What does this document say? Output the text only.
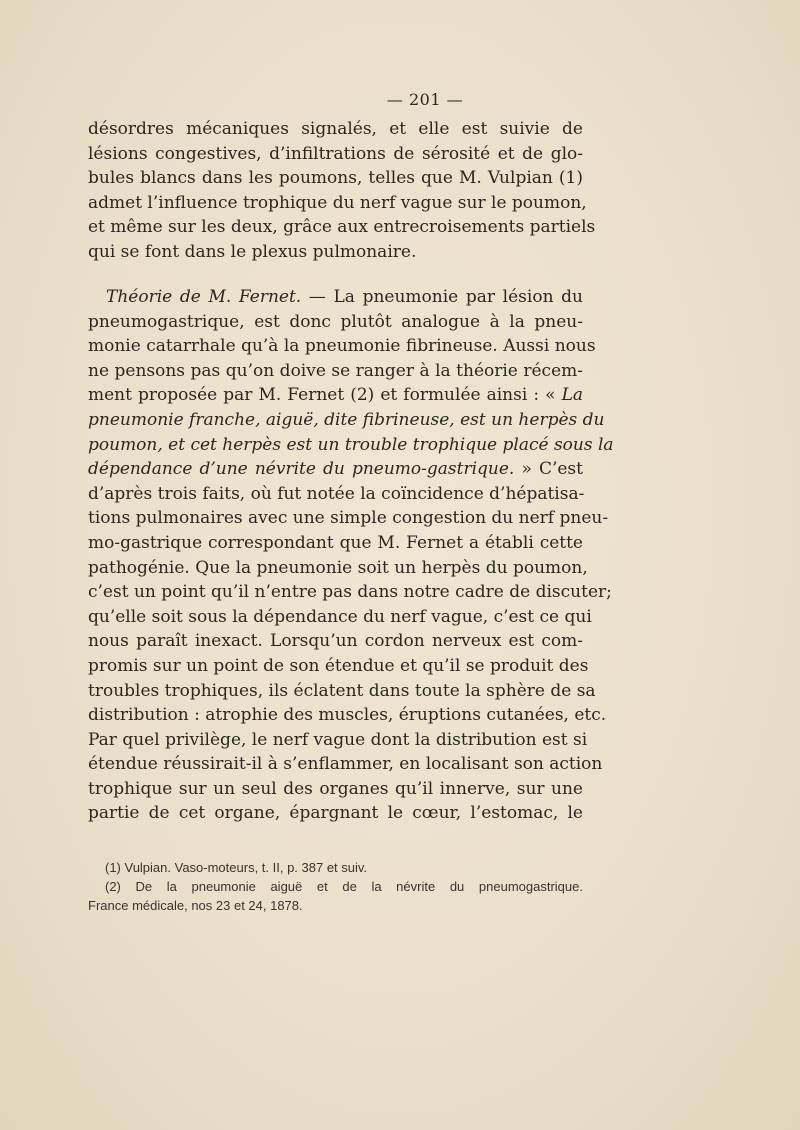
— 201 —
désordres mécaniques signalés, et elle est suivie de
lésions congestives, d’infiltrations de sérosité et de glo-
bules blancs dans les poumons, telles que M. Vulpian (1)
admet l’influence trophique du nerf vague sur le poumon,
et même sur les deux, grâce aux entrecroisements partiels
qui se font dans le plexus pulmonaire.
Théorie de M. Fernet. — La pneumonie par lésion du
pneumogastrique, est donc plutôt analogue à la pneu-
monie catarrhale qu’à la pneumonie fibrineuse. Aussi nous
ne pensons pas qu’on doive se ranger à la théorie récem-
ment proposée par M. Fernet (2) et formulée ainsi : « La
pneumonie franche, aiguë, dite fibrineuse, est un herpès du
poumon, et cet herpès est un trouble trophique placé sous la
dépendance d’une névrite du pneumo-gastrique. » C’est
d’après trois faits, où fut notée la coïncidence d’hépatisa-
tions pulmonaires avec une simple congestion du nerf pneu-
mo-gastrique correspondant que M. Fernet a établi cette
pathogénie. Que la pneumonie soit un herpès du poumon,
c’est un point qu’il n’entre pas dans notre cadre de discuter;
qu’elle soit sous la dépendance du nerf vague, c’est ce qui
nous paraît inexact. Lorsqu’un cordon nerveux est com-
promis sur un point de son étendue et qu’il se produit des
troubles trophiques, ils éclatent dans toute la sphère de sa
distribution : atrophie des muscles, éruptions cutanées, etc.
Par quel privilège, le nerf vague dont la distribution est si
étendue réussirait-il à s’enflammer, en localisant son action
trophique sur un seul des organes qu’il innerve, sur une
partie de cet organe, épargnant le cœur, l’estomac, le
(1) Vulpian. Vaso-moteurs, t. II, p. 387 et suiv.
(2) De la pneumonie aiguë et de la névrite du pneumogastrique.
France médicale, nos 23 et 24, 1878.
